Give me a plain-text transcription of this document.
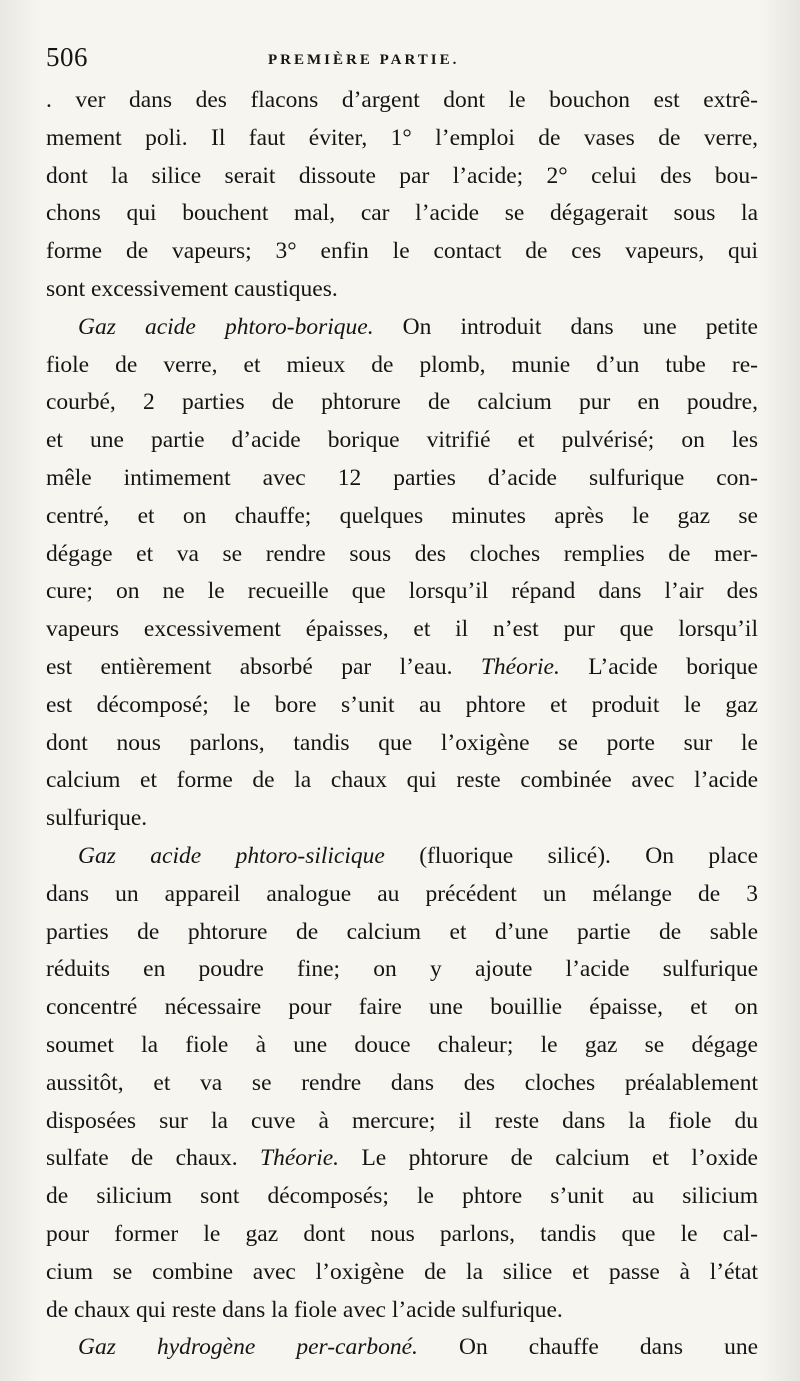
506	PREMIÈRE PARTIE.
. ver dans des flacons d’argent dont le bouchon est extrê-
mement poli. Il faut éviter, 1° l’emploi de vases de verre,
dont la silice serait dissoute par l’acide; 2° celui des bou-
chons qui bouchent mal, car l’acide se dégagerait sous la
forme de vapeurs; 3° enfin le contact de ces vapeurs, qui
sont excessivement caustiques.
Gaz acide phtoro-borique. On introduit dans une petite
fiole de verre, et mieux de plomb, munie d’un tube re-
courbé, 2 parties de phtorure de calcium pur en poudre,
et une partie d’acide borique vitrifié et pulvérisé; on les
mêle intimement avec 12 parties d’acide sulfurique con-
centré, et on chauffe; quelques minutes après le gaz se
dégage et va se rendre sous des cloches remplies de mer-
cure; on ne le recueille que lorsqu’il répand dans l’air des
vapeurs excessivement épaisses, et il n’est pur que lorsqu’il
est entièrement absorbé par l’eau. Théorie. L’acide borique
est décomposé; le bore s’unit au phtore et produit le gaz
dont nous parlons, tandis que l’oxigène se porte sur le
calcium et forme de la chaux qui reste combinée avec l’acide
sulfurique.
Gaz acide phtoro-silicique (fluorique silicé). On place
dans un appareil analogue au précédent un mélange de 3
parties de phtorure de calcium et d’une partie de sable
réduits en poudre fine; on y ajoute l’acide sulfurique
concentré nécessaire pour faire une bouillie épaisse, et on
soumet la fiole à une douce chaleur; le gaz se dégage
aussitôt, et va se rendre dans des cloches préalablement
disposées sur la cuve à mercure; il reste dans la fiole du
sulfate de chaux. Théorie. Le phtorure de calcium et l’oxide
de silicium sont décomposés; le phtore s’unit au silicium
pour former le gaz dont nous parlons, tandis que le cal-
cium se combine avec l’oxigène de la silice et passe à l’état
de chaux qui reste dans la fiole avec l’acide sulfurique.
Gaz hydrogène per-carboné. On chauffe dans une
